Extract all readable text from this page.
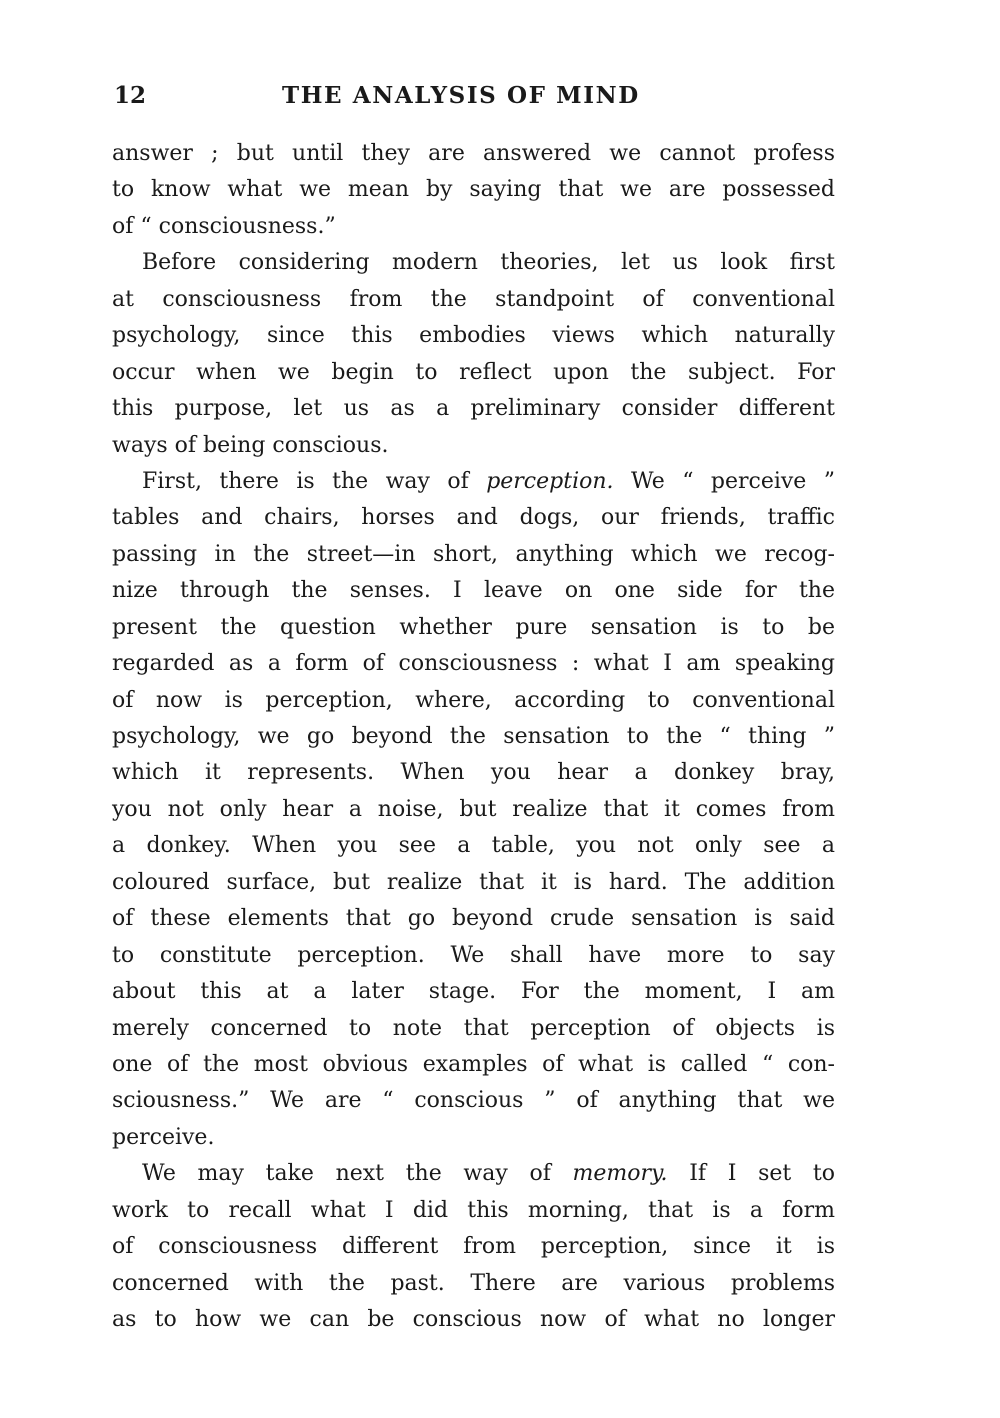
12	THE ANALYSIS OF MIND
answer ; but until they are answered we cannot profess
to know what we mean by saying that we are possessed
of “ consciousness.”
Before considering modern theories, let us look first
at consciousness from the standpoint of conventional
psychology, since this embodies views which naturally
occur when we begin to reflect upon the subject. For
this purpose, let us as a preliminary consider different
ways of being conscious.
First, there is the way of perception. We “ perceive ”
tables and chairs, horses and dogs, our friends, traffic
passing in the street—in short, anything which we recog-
nize through the senses. I leave on one side for the
present the question whether pure sensation is to be
regarded as a form of consciousness : what I am speaking
of now is perception, where, according to conventional
psychology, we go beyond the sensation to the “ thing ”
which it represents. When you hear a donkey bray,
you not only hear a noise, but realize that it comes from
a donkey. When you see a table, you not only see a
coloured surface, but realize that it is hard. The addition
of these elements that go beyond crude sensation is said
to constitute perception. We shall have more to say
about this at a later stage. For the moment, I am
merely concerned to note that perception of objects is
one of the most obvious examples of what is called “ con-
sciousness.” We are “ conscious ” of anything that we
perceive.
We may take next the way of memory. If I set to
work to recall what I did this morning, that is a form
of consciousness different from perception, since it is
concerned with the past. There are various problems
as to how we can be conscious now of what no longer
